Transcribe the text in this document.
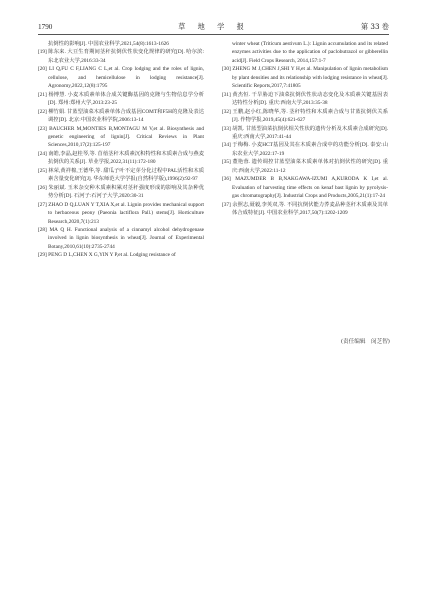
1790	草 地 学 报	第 33 卷
抗倒性的影响[J]. 中国农业科学,2021,54(8):1613-1626
[19] 陈东来. 大豆生育期间茎秆抗倒伏性状变化规律的研究[D]. 哈尔滨:东北农业大学,2016:33-34
[20] LI Q,FU C F,LIANG C L,et al. Crop lodging and the roles of lignin, cellulose, and hemicellulose in lodging resistance[J]. Agronomy,2022,12(8):1795
[21] 杨博慧. 小麦木质素单体合成关键酶基因的克隆与生物信息学分析[D]. 郑州:郑州大学,2013:23-25
[22] 柳竹娟. 甘蓝型油菜木质素单体合成基因COMT和F5H的克隆及表达调控[D]. 北京:中国农业科学院,2006:13-14
[23] BAUCHER M,MONTIES B,MONTAGU M V,et al. Biosynthesis and genetic engineering of lignin[J]. Critical Reviews in Plant Sciences,2010,17(2):125-197
[24] 南皓,李晶,赵桂琴,等. 苜蓿茎秆木质素沉积特性和木质素合成与燕麦抗倒伏的关系[J]. 草业学报,2022,31(11):172-180
[25] 林荣,黄祥棉,王德华,等. 甜瓜子叶不定芽分化过程中PAL活性和木质素含量变化研究[J]. 华东师范大学学报(自然科学版),1996(2):92-97
[26] 朱丽斌. 玉米杂交种木质素积累对茎秆强度形成的影响及其杂种优势分析[D]. 石河子:石河子大学,2020:30-31
[27] ZHAO D Q,LUAN Y T,XIA X,et al. Lignin provides mechanical support to herbaceous peony (Paeonia lactiflora Pall.) stems[J]. Horticulture Research,2020,7(1):213
[28] MA Q H. Functional analysis of a cinnamyl alcohol dehydrogenase involved in lignin biosynthesis in wheat[J]. Journal of Experimental Botany,2010,61(10):2735-2744
[29] PENG D L,CHEN X G,YIN Y P,et al. Lodging resistance of
winter wheat (Triticum aestivum L.): Lignin accumulation and its related enzymes activities due to the application of paclobutrazol or gibberellin acid[J]. Field Crops Research, 2014,157:1-7
[30] ZHENG M J,CHEN J,SHI Y H,et al. Manipulation of lignin metabolism by plant densities and its relationship with lodging resistance in wheat[J]. Scientific Reports,2017,7:41805
[31] 黄杰恒. 干旱胁迫下油菜抗倒伏性状动态变化及木质素关键基因表达特性分析[D]. 重庆:西南大学,2013:35-38
[32] 王鹏,赵小红,陈晓华,等. 茎秆特性和木质素合成与甘蓝抗倒伏关系[J]. 作物学报,2019,45(4):621-627
[33] 胡凯. 甘蓝型油菜抗倒伏相关性状的遗传分析及木质素合成研究[D]. 重庆:西南大学,2017:41-44
[34] 于梅梅. 小麦HCT基因及其在木质素合成中的功能分析[D]. 泰安:山东农业大学,2022:17-19
[35] 董艳蓉. 遗传调控甘蓝型油菜木质素单体对抗倒伏性的研究[D]. 重庆:西南大学,2022:11-12
[36] MAZUMDER B B,NAKGAWA-IZUMI A,KURODA K I,et al. Evaluation of harvesting time effects on kenaf bast lignin by pyrolysis-gas chromatography[J]. Industrial Crops and Products,2005,21(1):17-24
[37] 余照志,聂毅,李英双,等. 不同抗倒伏能力荞麦品种茎秆木质素及其单体合成特征[J]. 中国农业科学,2017,50(7):1202-1209
(责任编辑　闵芝智)
